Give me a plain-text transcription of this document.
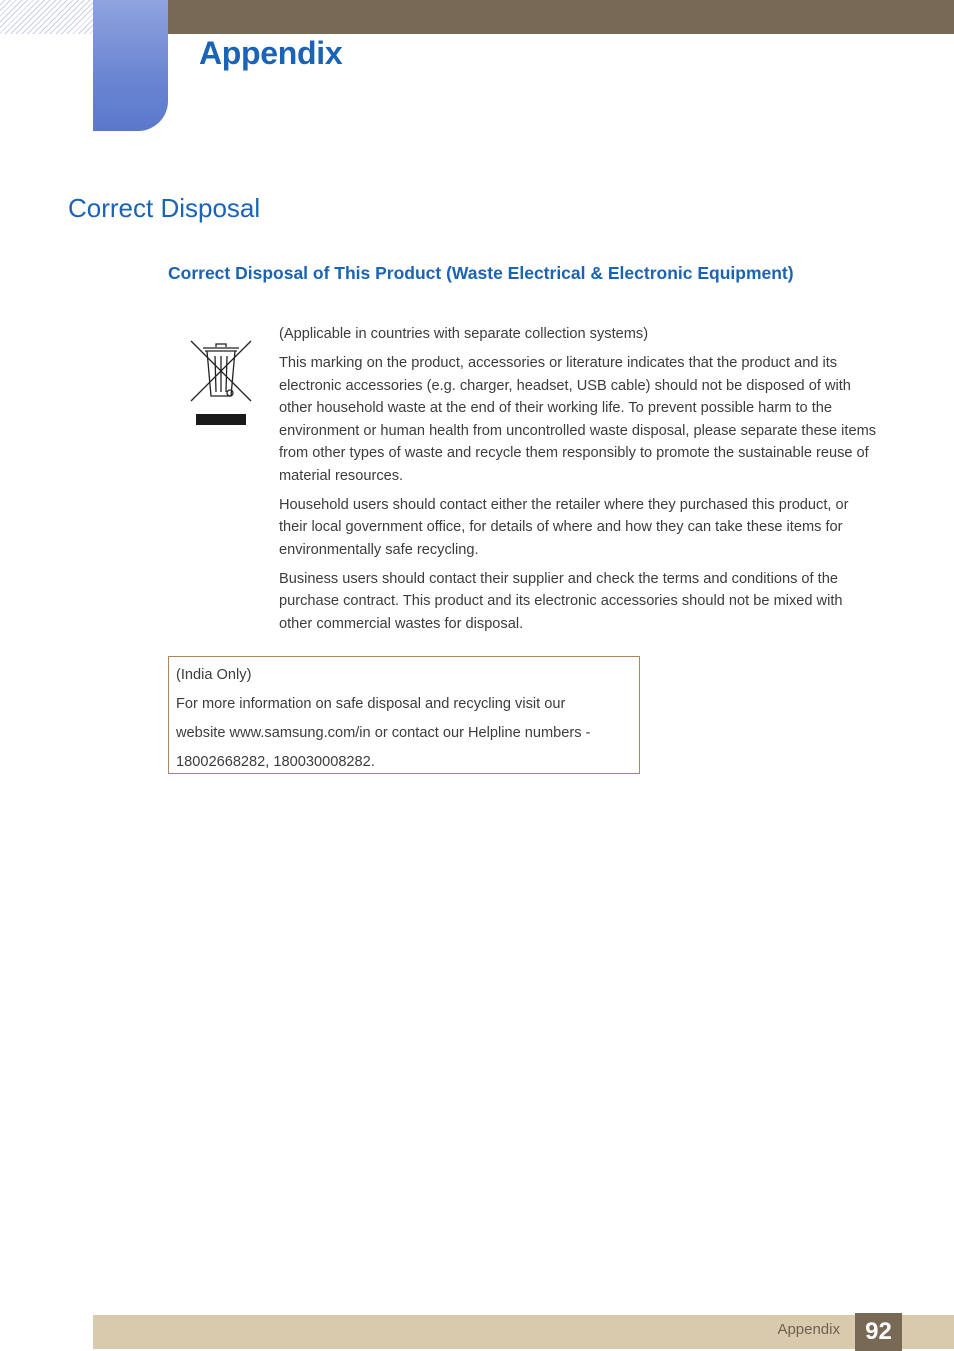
Appendix
Correct Disposal
Correct Disposal of This Product (Waste Electrical & Electronic Equipment)

(Applicable in countries with separate collection systems)

This marking on the product, accessories or literature indicates that the product and its electronic accessories (e.g. charger, headset, USB cable) should not be disposed of with other household waste at the end of their working life. To prevent possible harm to the environment or human health from uncontrolled waste disposal, please separate these items from other types of waste and recycle them responsibly to promote the sustainable reuse of material resources.

Household users should contact either the retailer where they purchased this product, or their local government office, for details of where and how they can take these items for environmentally safe recycling.

Business users should contact their supplier and check the terms and conditions of the purchase contract. This product and its electronic accessories should not be mixed with other commercial wastes for disposal.

(India Only)
For more information on safe disposal and recycling visit our
website www.samsung.com/in or contact our Helpline numbers -
18002668282, 180030008282.
Appendix	92
